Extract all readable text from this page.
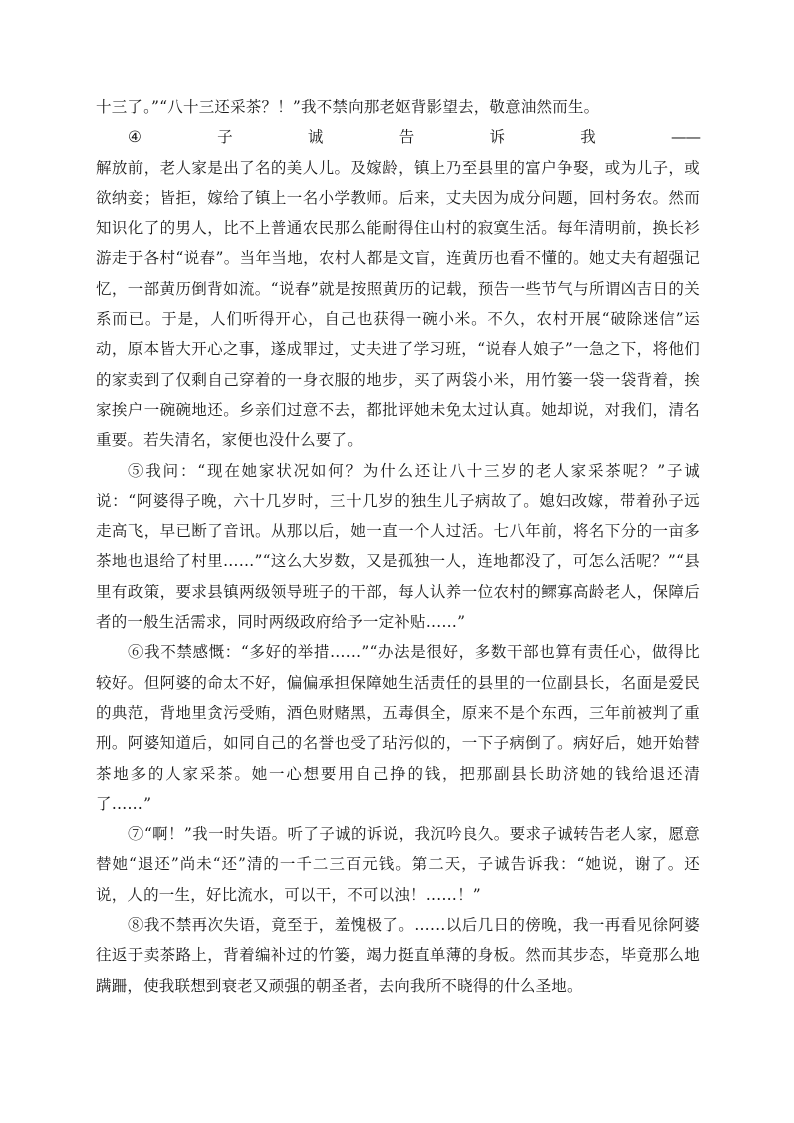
十三了。”“八十三还采茶？！”我不禁向那老妪背影望去，敬意油然而生。

④	子	诚	告	诉	我	——

解放前，老人家是出了名的美人儿。及嫁龄，镇上乃至县里的富户争娶，或为儿子，或欲纳妾；皆拒，嫁给了镇上一名小学教师。后来，丈夫因为成分问题，回村务农。然而知识化了的男人，比不上普通农民那么能耐得住山村的寂寞生活。每年清明前，换长衫游走于各村“说春”。当年当地，农村人都是文盲，连黄历也看不懂的。她丈夫有超强记忆，一部黄历倒背如流。“说春”就是按照黄历的记载，预告一些节气与所谓凶吉日的关系而已。于是，人们听得开心，自己也获得一碗小米。不久，农村开展“破除迷信”运动，原本皆大开心之事，遂成罪过，丈夫进了学习班，“说春人娘子”一急之下，将他们的家卖到了仅剩自己穿着的一身衣服的地步，买了两袋小米，用竹篓一袋一袋背着，挨家挨户一碗碗地还。乡亲们过意不去，都批评她未免太过认真。她却说，对我们，清名重要。若失清名，家便也没什么要了。

⑤我问：“现在她家状况如何？为什么还让八十三岁的老人家采茶呢？”子诚说：“阿婆得子晚，六十几岁时，三十几岁的独生儿子病故了。媳妇改嫁，带着孙子远走高飞，早已断了音讯。从那以后，她一直一个人过活。七八年前，将名下分的一亩多茶地也退给了村里……”“这么大岁数，又是孤独一人，连地都没了，可怎么活呢？”“县里有政策，要求县镇两级领导班子的干部，每人认养一位农村的鳏寡高龄老人，保障后者的一般生活需求，同时两级政府给予一定补贴……”

⑥我不禁感慨：“多好的举措……”“办法是很好，多数干部也算有责任心，做得比较好。但阿婆的命太不好，偏偏承担保障她生活责任的县里的一位副县长，名面是爱民的典范，背地里贪污受贿，酒色财赌黑，五毒俱全，原来不是个东西，三年前被判了重刑。阿婆知道后，如同自己的名誉也受了玷污似的，一下子病倒了。病好后，她开始替茶地多的人家采茶。她一心想要用自己挣的钱，把那副县长助济她的钱给退还清了……”

⑦“啊！”我一时失语。听了子诚的诉说，我沉吟良久。要求子诚转告老人家，愿意替她“退还”尚未“还”清的一千二三百元钱。第二天，子诚告诉我：“她说，谢了。还说，人的一生，好比流水，可以干，不可以浊！……！”

⑧我不禁再次失语，竟至于，羞愧极了。……以后几日的傍晚，我一再看见徐阿婆往返于卖茶路上，背着编补过的竹篓，竭力挺直单薄的身板。然而其步态，毕竟那么地蹒跚，使我联想到衰老又顽强的朝圣者，去向我所不晓得的什么圣地。
